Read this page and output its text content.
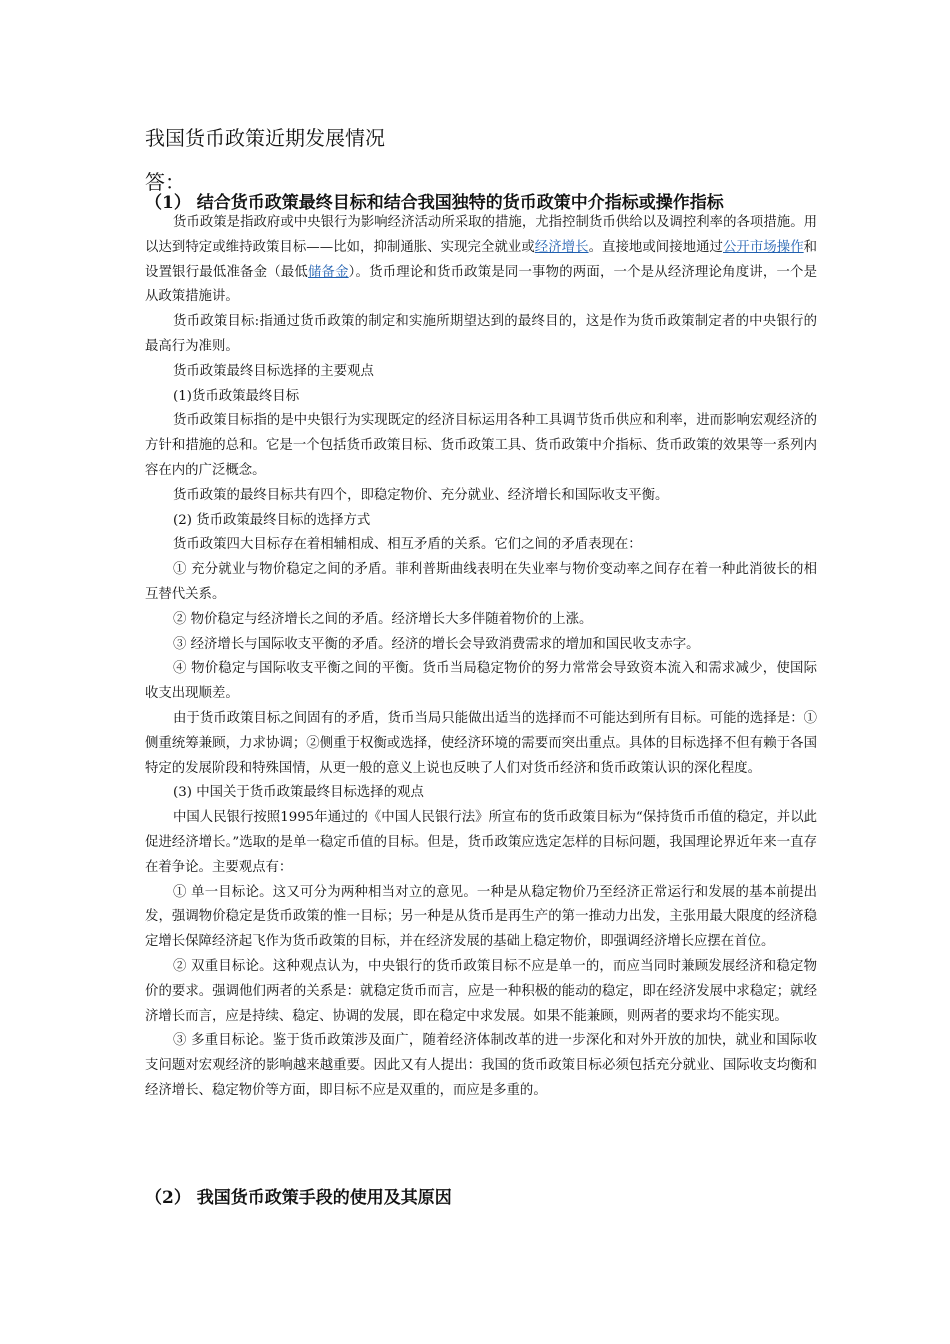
我国货币政策近期发展情况
答：
（1） 结合货币政策最终目标和结合我国独特的货币政策中介指标或操作指标

货币政策是指政府或中央银行为影响经济活动所采取的措施，尤指控制货币供给以及调控利率的各项措施。用以达到特定或维持政策目标——比如，抑制通胀、实现完全就业或经济增长。直接地或间接地通过公开市场操作和设置银行最低准备金（最低储备金）。货币理论和货币政策是同一事物的两面，一个是从经济理论角度讲，一个是从政策措施讲。

货币政策目标:指通过货币政策的制定和实施所期望达到的最终目的，这是作为货币政策制定者的中央银行的最高行为准则。

货币政策最终目标选择的主要观点

(1)货币政策最终目标

货币政策目标指的是中央银行为实现既定的经济目标运用各种工具调节货币供应和利率，进而影响宏观经济的方针和措施的总和。它是一个包括货币政策目标、货币政策工具、货币政策中介指标、货币政策的效果等一系列内容在内的广泛概念。

货币政策的最终目标共有四个，即稳定物价、充分就业、经济增长和国际收支平衡。

(2) 货币政策最终目标的选择方式

货币政策四大目标存在着相辅相成、相互矛盾的关系。它们之间的矛盾表现在：

① 充分就业与物价稳定之间的矛盾。菲利普斯曲线表明在失业率与物价变动率之间存在着一种此消彼长的相互替代关系。

② 物价稳定与经济增长之间的矛盾。经济增长大多伴随着物价的上涨。

③ 经济增长与国际收支平衡的矛盾。经济的增长会导致消费需求的增加和国民收支赤字。

④ 物价稳定与国际收支平衡之间的平衡。货币当局稳定物价的努力常常会导致资本流入和需求减少，使国际收支出现顺差。

由于货币政策目标之间固有的矛盾，货币当局只能做出适当的选择而不可能达到所有目标。可能的选择是：①侧重统筹兼顾，力求协调；②侧重于权衡或选择，使经济环境的需要而突出重点。具体的目标选择不但有赖于各国特定的发展阶段和特殊国情，从更一般的意义上说也反映了人们对货币经济和货币政策认识的深化程度。

(3) 中国关于货币政策最终目标选择的观点

中国人民银行按照1995年通过的《中国人民银行法》所宣布的货币政策目标为“保持货币币值的稳定，并以此促进经济增长。”选取的是单一稳定币值的目标。但是，货币政策应选定怎样的目标问题，我国理论界近年来一直存在着争论。主要观点有：

① 单一目标论。这又可分为两种相当对立的意见。一种是从稳定物价乃至经济正常运行和发展的基本前提出发，强调物价稳定是货币政策的惟一目标；另一种是从货币是再生产的第一推动力出发，主张用最大限度的经济稳定增长保障经济起飞作为货币政策的目标，并在经济发展的基础上稳定物价，即强调经济增长应摆在首位。

② 双重目标论。这种观点认为，中央银行的货币政策目标不应是单一的，而应当同时兼顾发展经济和稳定物价的要求。强调他们两者的关系是：就稳定货币而言，应是一种积极的能动的稳定，即在经济发展中求稳定；就经济增长而言，应是持续、稳定、协调的发展，即在稳定中求发展。如果不能兼顾，则两者的要求均不能实现。

③ 多重目标论。鉴于货币政策涉及面广，随着经济体制改革的进一步深化和对外开放的加快，就业和国际收支问题对宏观经济的影响越来越重要。因此又有人提出：我国的货币政策目标必须包括充分就业、国际收支均衡和经济增长、稳定物价等方面，即目标不应是双重的，而应是多重的。

（2） 我国货币政策手段的使用及其原因
